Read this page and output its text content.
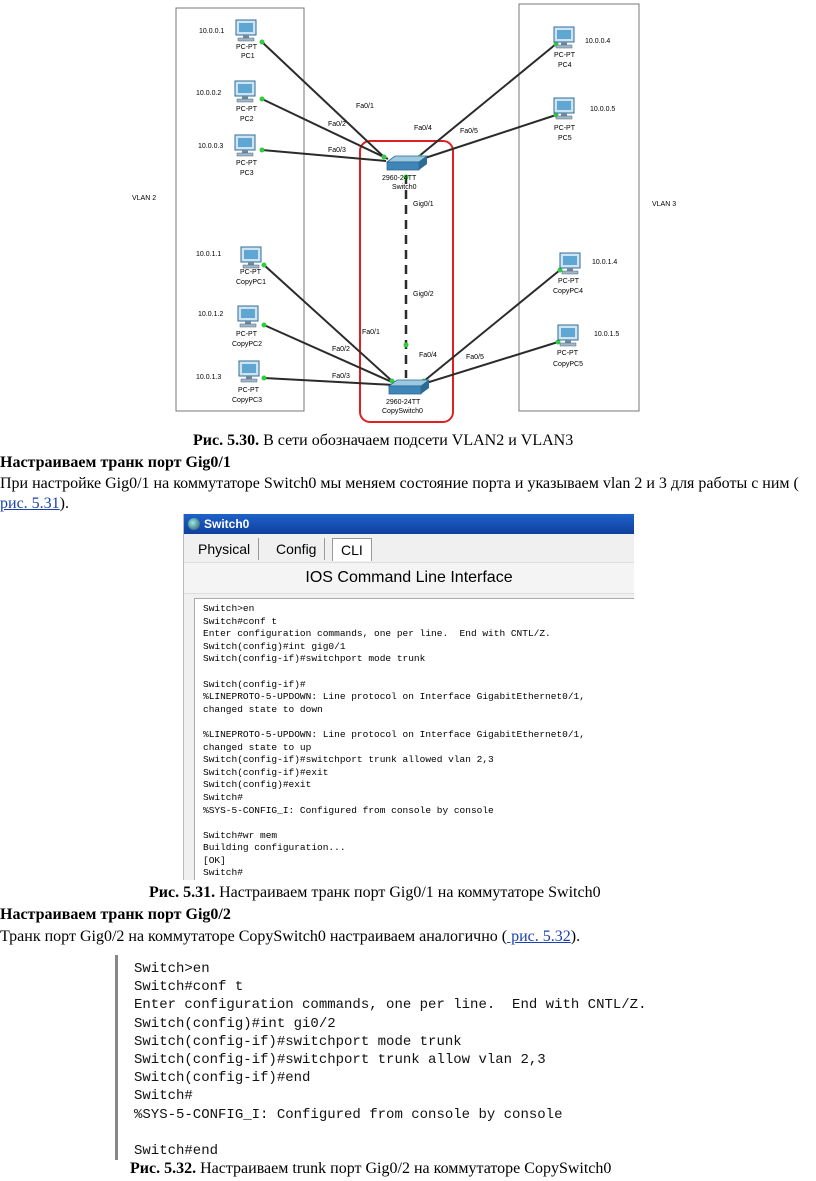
VLAN 2
VLAN 3
2960-24TT
Switch0
2960-24TT
CopySwitch0
Gig0/1
Gig0/2
Fa0/1
Fa0/2
Fa0/3
Fa0/4	Fa0/5
Fa0/1
Fa0/2
Fa0/3
Fa0/4	Fa0/5
10.0.0.1
PC-PT
PC1
10.0.0.2
PC-PT
PC2
10.0.0.3
PC-PT
PC3
10.0.0.4
PC-PT
PC4
10.0.0.5
PC-PT
PC5
10.0.1.1
PC-PT
CopyPC1
10.0.1.2
PC-PT
CopyPC2
10.0.1.3
PC-PT
CopyPC3
10.0.1.4
PC-PT
CopyPC4
10.0.1.5
PC-PT
CopyPC5
Рис. 5.30. В сети обозначаем подсети VLAN2 и VLAN3
Настраиваем транк порт Gig0/1
При настройке Gig0/1 на коммутаторе Switch0 мы меняем состояние порта и указываем vlan 2 и 3 для работы с ним ( рис. 5.31).
Switch0
Physical	Config	CLI
IOS Command Line Interface
Switch>en
Switch#conf t
Enter configuration commands, one per line.  End with CNTL/Z.
Switch(config)#int gig0/1
Switch(config-if)#switchport mode trunk
Switch(config-if)#
%LINEPROTO-5-UPDOWN: Line protocol on Interface GigabitEthernet0/1,
changed state to down
%LINEPROTO-5-UPDOWN: Line protocol on Interface GigabitEthernet0/1,
changed state to up
Switch(config-if)#switchport trunk allowed vlan 2,3
Switch(config-if)#exit
Switch(config)#exit
Switch#
%SYS-5-CONFIG_I: Configured from console by console
Switch#wr mem
Building configuration...
[OK]
Switch#
Рис. 5.31. Настраиваем транк порт Gig0/1 на коммутаторе Switch0
Настраиваем транк порт Gig0/2
Транк порт Gig0/2 на коммутаторе CopySwitch0 настраиваем аналогично ( рис. 5.32).
Switch>en
Switch#conf t
Enter configuration commands, one per line.  End with CNTL/Z.
Switch(config)#int gi0/2
Switch(config-if)#switchport mode trunk
Switch(config-if)#switchport trunk allow vlan 2,3
Switch(config-if)#end
Switch#
%SYS-5-CONFIG_I: Configured from console by console
Switch#end
Рис. 5.32. Настраиваем trunk порт Gig0/2 на коммутаторе CopySwitch0
